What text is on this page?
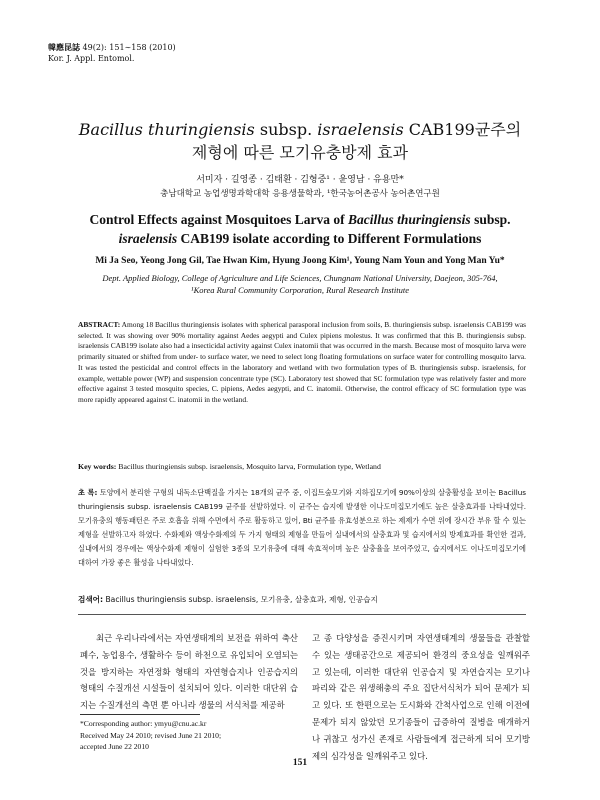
韓應昆誌 49(2): 151∼158 (2010)
Kor. J. Appl. Entomol.
Bacillus thuringiensis subsp. israelensis CAB199균주의
제형에 따른 모기유충방제 효과
서미자 · 길영종 · 김태환 · 김형중¹ · 윤영남 · 유용만*
충남대학교 농업생명과학대학 응용생물학과, ¹한국농어촌공사 농어촌연구원
Control Effects against Mosquitoes Larva of Bacillus thuringiensis subsp.
israelensis CAB199 isolate according to Different Formulations
Mi Ja Seo, Yeong Jong Gil, Tae Hwan Kim, Hyung Joong Kim¹, Young Nam Youn and Yong Man Yu*
Dept. Applied Biology, College of Agriculture and Life Sciences, Chungnam National University, Daejeon, 305-764,
¹Korea Rural Community Corporation, Rural Research Institute
ABSTRACT: Among 18 Bacillus thuringiensis isolates with spherical parasporal inclusion from soils, B. thuringiensis subsp. israelensis CAB199 was selected. It was showing over 90% mortality against Aedes aegypti and Culex pipiens molestus. It was confirmed that this B. thuringiensis subsp. israelensis CAB199 isolate also had a insecticidal activity against Culex inatomii that was occurred in the marsh. Because most of mosquito larva were primarily situated or shifted from under- to surface water, we need to select long floating formulations on surface water for controlling mosquito larva. It was tested the pesticidal and control effects in the laboratory and wetland with two formulation types of B. thuringiensis subsp. israelensis, for example, wettable power (WP) and suspension concentrate type (SC). Laboratory test showed that SC formulation type was relatively faster and more effective against 3 tested mosquito species, C. pipiens, Aedes aegypti, and C. inatomii. Otherwise, the control efficacy of SC formulation type was more rapidly appeared against C. inatomii in the wetland.
Key words: Bacillus thuringiensis subsp. israelensis, Mosquito larva, Formulation type, Wetland
초 록: 토양에서 분리한 구형의 내독소단백질을 가지는 18개의 균주 중, 이집트숲모기와 지하집모기에 90%이상의 살충활성을 보이는 Bacillus thuringiensis subsp. israelensis CAB199 균주를 선발하였다. 이 균주는 습지에 발생한 이나도미집모기에도 높은 살충효과를 나타내었다. 모기유충의 행동패턴은 주로 호흡을 위해 수면에서 주로 활동하고 있어, Bti 균주를 유효성분으로 하는 제제가 수면 위에 장시간 부유 할 수 있는 제형을 선발하고자 하였다. 수화제와 액상수화제의 두 가지 형태의 제형을 만들어 실내에서의 살충효과 및 습지에서의 방제효과를 확인한 결과, 실내에서의 경우에는 액상수화제 제형이 실험한 3종의 모기유충에 대해 속효적이며 높은 살충율을 보여주었고, 습지에서도 이나도미집모기에 대하여 가장 좋은 활성을 나타내었다.
검색어: Bacillus thuringiensis subsp. israelensis, 모기유충, 살충효과, 제형, 인공습지

최근 우리나라에서는 자연생태계의 보전을 위하여 축산폐수, 농업용수, 생활하수 등이 하천으로 유입되어 오염되는 것을 방지하는 자연정화 형태의 자연형습지나 인공습지의 형태의 수질개선 시설들이 설치되어 있다. 이러한 대단위 습지는 수질개선의 측면 뿐 아니라 생물의 서식처를 제공하

고 종 다양성을 증진시키며 자연생태계의 생물들을 관찰할 수 있는 생태공간으로 제공되어 환경의 중요성을 일깨워주고 있는데, 이러한 대단위 인공습지 및 자연습지는 모기나 파리와 같은 위생해충의 주요 집단서식처가 되어 문제가 되고 있다. 또 한편으로는 도시화와 간척사업으로 인해 이전에 문제가 되지 않았던 모기종들이 급증하여 질병을 매개하거나 귀찮고 성가신 존재로 사람들에게 접근하게 되어 모기방제의 심각성을 일깨워주고 있다.

*Corresponding author: ymyu@cnu.ac.kr
Received May 24 2010; revised June 21 2010;
accepted June 22 2010
151
